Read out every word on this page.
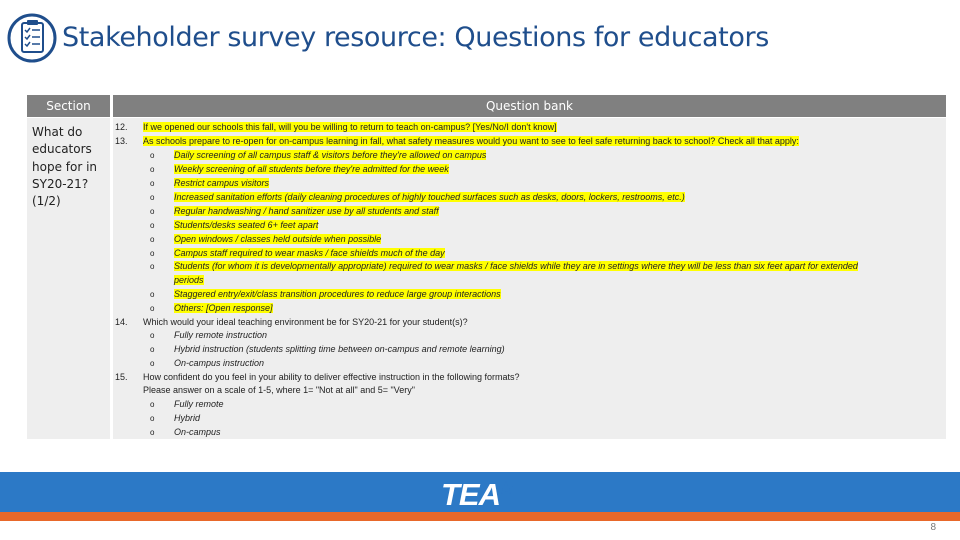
Stakeholder survey resource: Questions for educators
Section	Question bank
What do educators hope for in SY20-21? (1/2)
12. If we opened our schools this fall, will you be willing to return to teach on-campus? [Yes/No/I don't know]
13. As schools prepare to re-open for on-campus learning in fall, what safety measures would you want to see to feel safe returning back to school? Check all that apply:
o Daily screening of all campus staff & visitors before they're allowed on campus
o Weekly screening of all students before they're admitted for the week
o Restrict campus visitors
o Increased sanitation efforts (daily cleaning procedures of highly touched surfaces such as desks, doors, lockers, restrooms, etc.)
o Regular handwashing / hand sanitizer use by all students and staff
o Students/desks seated 6+ feet apart
o Open windows / classes held outside when possible
o Campus staff required to wear masks / face shields much of the day
o Students (for whom it is developmentally appropriate) required to wear masks / face shields while they are in settings where they will be less than six feet apart for extended
periods
o Staggered entry/exit/class transition procedures to reduce large group interactions
o Others: [Open response]
14. Which would your ideal teaching environment be for SY20-21 for your student(s)?
o Fully remote instruction
o Hybrid instruction (students splitting time between on-campus and remote learning)
o On-campus instruction
15. How confident do you feel in your ability to deliver effective instruction in the following formats?
Please answer on a scale of 1-5, where 1= "Not at all" and 5= "Very"
o Fully remote
o Hybrid
o On-campus
TEA
8
